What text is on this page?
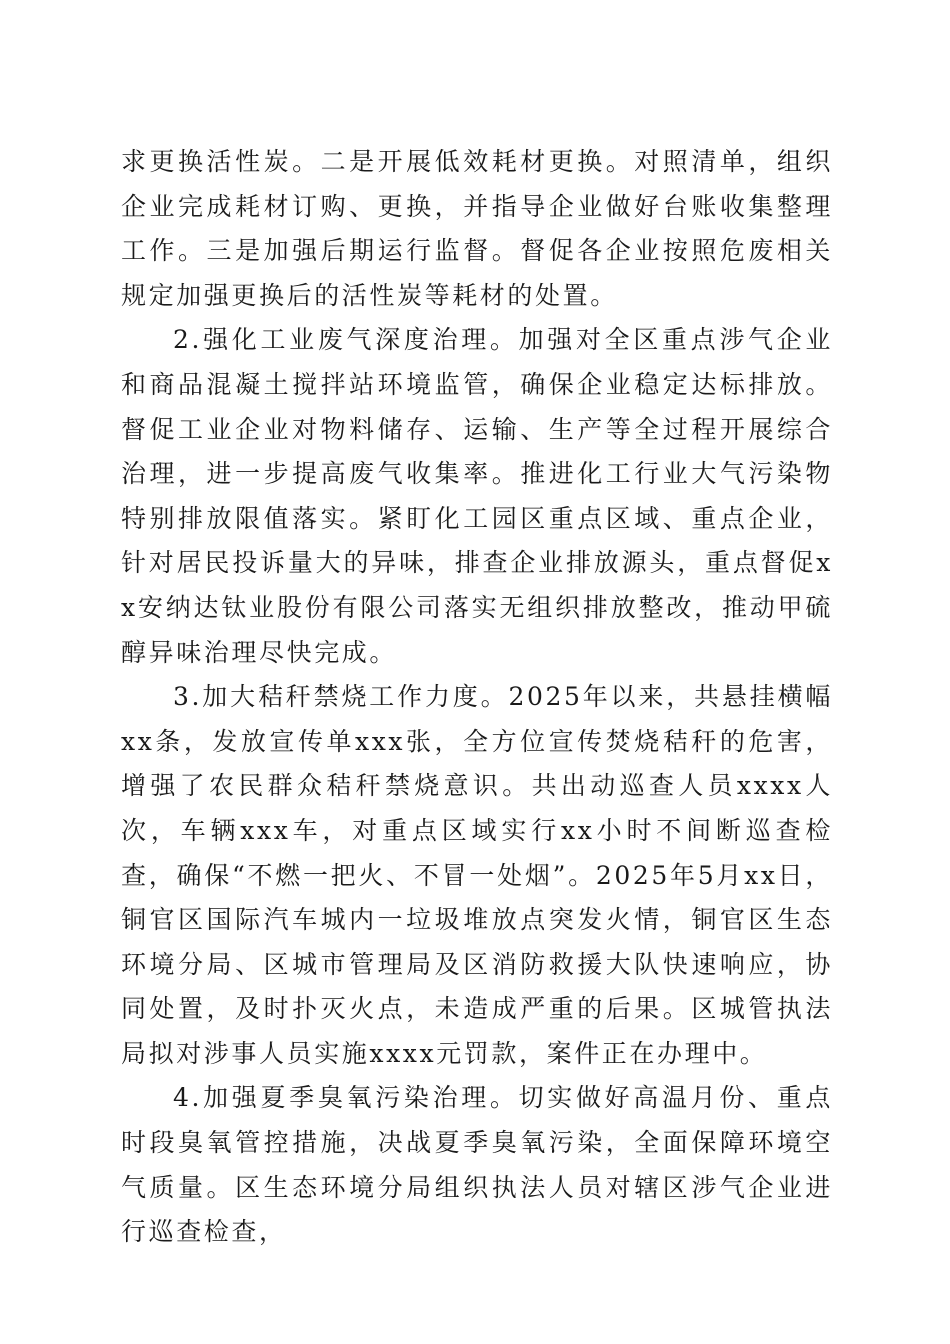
求更换活性炭。二是开展低效耗材更换。对照清单，组织企业完成耗材订购、更换，并指导企业做好台账收集整理工作。三是加强后期运行监督。督促各企业按照危废相关规定加强更换后的活性炭等耗材的处置。

2.强化工业废气深度治理。加强对全区重点涉气企业和商品混凝土搅拌站环境监管，确保企业稳定达标排放。督促工业企业对物料储存、运输、生产等全过程开展综合治理，进一步提高废气收集率。推进化工行业大气污染物特别排放限值落实。紧盯化工园区重点区域、重点企业，针对居民投诉量大的异味，排查企业排放源头，重点督促xx安纳达钛业股份有限公司落实无组织排放整改，推动甲硫醇异味治理尽快完成。

3.加大秸秆禁烧工作力度。2025年以来，共悬挂横幅xx条，发放宣传单xxx张，全方位宣传焚烧秸秆的危害，增强了农民群众秸秆禁烧意识。共出动巡查人员xxxx人次，车辆xxx车，对重点区域实行xx小时不间断巡查检查，确保“不燃一把火、不冒一处烟”。2025年5月xx日，铜官区国际汽车城内一垃圾堆放点突发火情，铜官区生态环境分局、区城市管理局及区消防救援大队快速响应，协同处置，及时扑灭火点，未造成严重的后果。区城管执法局拟对涉事人员实施xxxx元罚款，案件正在办理中。

4.加强夏季臭氧污染治理。切实做好高温月份、重点时段臭氧管控措施，决战夏季臭氧污染，全面保障环境空气质量。区生态环境分局组织执法人员对辖区涉气企业进行巡查检查，
